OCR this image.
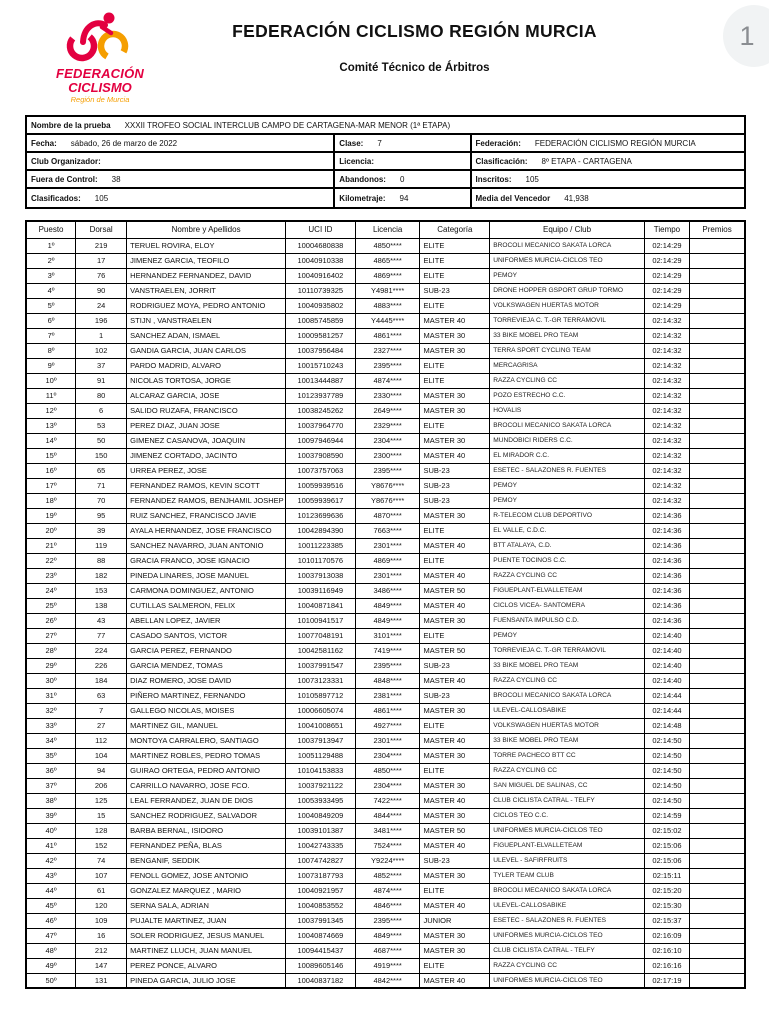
1
FEDERACIÓN
CICLISMO
Región de Murcia
FEDERACIÓN CICLISMO REGIÓN MURCIA
Comité Técnico de Árbitros
Nombre de la prueba XXXII TROFEO SOCIAL INTERCLUB CAMPO DE CARTAGENA-MAR MENOR (1ª ETAPA)
Fecha: sábado, 26 de marzo de 2022	Clase: 7	Federación: FEDERACIÓN CICLISMO REGIÓN MURCIA
Club Organizador:	Licencia:	Clasificación: 8º ETAPA - CARTAGENA
Fuera de Control: 38	Abandonos: 0	Inscritos: 105
Clasificados: 105	Kilometraje: 94	Media del Vencedor 41,938
Puesto	Dorsal	Nombre y Apellidos	UCI ID	Licencia	Categoría	Equipo / Club	Tiempo	Premios
1º	219	TERUEL ROVIRA, ELOY	10004680838	4850****	ELITE	BROCOLI MECANICO SAKATA LORCA	02:14:29	
2º	17	JIMENEZ GARCIA, TEOFILO	10040910338	4865****	ELITE	UNIFORMES MURCIA-CICLOS TEO	02:14:29	
3º	76	HERNANDEZ FERNANDEZ, DAVID	10040916402	4869****	ELITE	PEMOY	02:14:29	
4º	90	VANSTRAELEN, JORRIT	10110739325	Y4981****	SUB-23	DRONE HOPPER GSPORT GRUP TORMO	02:14:29	
5º	24	RODRIGUEZ MOYA, PEDRO ANTONIO	10040935802	4883****	ELITE	VOLKSWAGEN HUERTAS MOTOR	02:14:29	
6º	196	STIJN , VANSTRAELEN	10085745859	Y4445****	MASTER 40	TORREVIEJA C. T.-GR TERRAMOVIL	02:14:32	
7º	1	SANCHEZ ADAN, ISMAEL	10009581257	4861****	MASTER 30	33 BIKE MOBEL PRO TEAM	02:14:32	
8º	102	GANDIA GARCIA, JUAN CARLOS	10037956484	2327****	MASTER 30	TERRA SPORT CYCLING TEAM	02:14:32	
9º	37	PARDO MADRID, ALVARO	10015710243	2395****	ELITE	MERCAGRISA	02:14:32	
10º	91	NICOLAS TORTOSA, JORGE	10013444887	4874****	ELITE	RAZZA CYCLING CC	02:14:32	
11º	80	ALCARAZ GARCIA, JOSE	10123937789	2330****	MASTER 30	POZO ESTRECHO C.C.	02:14:32	
12º	6	SALIDO RUZAFA, FRANCISCO	10038245262	2649****	MASTER 30	HOVALIS	02:14:32	
13º	53	PEREZ DIAZ, JUAN JOSE	10037964770	2329****	ELITE	BROCOLI MECANICO SAKATA LORCA	02:14:32	
14º	50	GIMENEZ CASANOVA, JOAQUIN	10097946944	2304****	MASTER 30	MUNDOBICI RIDERS C.C.	02:14:32	
15º	150	JIMENEZ CORTADO, JACINTO	10037908590	2300****	MASTER 40	EL MIRADOR C.C.	02:14:32	
16º	65	URREA PEREZ, JOSE	10073757063	2395****	SUB-23	ESETEC - SALAZONES R. FUENTES	02:14:32	
17º	71	FERNANDEZ RAMOS, KEVIN SCOTT	10059939516	Y8676****	SUB-23	PEMOY	02:14:32	
18º	70	FERNANDEZ RAMOS, BENJHAMIL JOSHEP	10059939617	Y8676****	SUB-23	PEMOY	02:14:32	
19º	95	RUIZ SANCHEZ, FRANCISCO JAVIE	10123699636	4870****	MASTER 30	R-TELECOM CLUB DEPORTIVO	02:14:36	
20º	39	AYALA HERNANDEZ, JOSE FRANCISCO	10042894390	7663****	ELITE	EL VALLE, C.D.C.	02:14:36	
21º	119	SANCHEZ NAVARRO, JUAN ANTONIO	10011223385	2301****	MASTER 40	BTT ATALAYA, C.D.	02:14:36	
22º	88	GRACIA FRANCO, JOSE IGNACIO	10101170576	4869****	ELITE	PUENTE TOCINOS C.C.	02:14:36	
23º	182	PINEDA LINARES, JOSE MANUEL	10037913038	2301****	MASTER 40	RAZZA CYCLING CC	02:14:36	
24º	153	CARMONA DOMINGUEZ, ANTONIO	10039116949	3486****	MASTER 50	FIGUEPLANT-ELVALLETEAM	02:14:36	
25º	138	CUTILLAS SALMERON, FELIX	10040871841	4849****	MASTER 40	CICLOS VICEA- SANTOMERA	02:14:36	
26º	43	ABELLAN LOPEZ, JAVIER	10100941517	4849****	MASTER 30	FUENSANTA IMPULSO C.D.	02:14:36	
27º	77	CASADO SANTOS, VICTOR	10077048191	3101****	ELITE	PEMOY	02:14:40	
28º	224	GARCIA PEREZ, FERNANDO	10042581162	7419****	MASTER 50	TORREVIEJA C. T.-GR TERRAMOVIL	02:14:40	
29º	226	GARCIA MENDEZ, TOMAS	10037991547	2395****	SUB-23	33 BIKE MOBEL PRO TEAM	02:14:40	
30º	184	DIAZ ROMERO, JOSE DAVID	10073123331	4848****	MASTER 40	RAZZA CYCLING CC	02:14:40	
31º	63	PIÑERO MARTINEZ, FERNANDO	10105897712	2381****	SUB-23	BROCOLI MECANICO SAKATA LORCA	02:14:44	
32º	7	GALLEGO NICOLAS, MOISES	10006605074	4861****	MASTER 30	ULEVEL-CALLOSABIKE	02:14:44	
33º	27	MARTINEZ GIL, MANUEL	10041008651	4927****	ELITE	VOLKSWAGEN HUERTAS MOTOR	02:14:48	
34º	112	MONTOYA CARRALERO, SANTIAGO	10037913947	2301****	MASTER 40	33 BIKE MOBEL PRO TEAM	02:14:50	
35º	104	MARTINEZ ROBLES, PEDRO TOMAS	10051129488	2304****	MASTER 30	TORRE PACHECO BTT CC	02:14:50	
36º	94	GUIRAO ORTEGA, PEDRO ANTONIO	10104153833	4850****	ELITE	RAZZA CYCLING CC	02:14:50	
37º	206	CARRILLO NAVARRO, JOSE FCO.	10037921122	2304****	MASTER 30	SAN MIGUEL DE SALINAS, CC	02:14:50	
38º	125	LEAL FERRANDEZ, JUAN DE DIOS	10053933495	7422****	MASTER 40	CLUB CICLISTA CATRAL - TELFY	02:14:50	
39º	15	SANCHEZ RODRIGUEZ, SALVADOR	10040849209	4844****	MASTER 30	CICLOS TEO C.C.	02:14:59	
40º	128	BARBA BERNAL, ISIDORO	10039101387	3481****	MASTER 50	UNIFORMES MURCIA-CICLOS TEO	02:15:02	
41º	152	FERNANDEZ PEÑA, BLAS	10042743335	7524****	MASTER 40	FIGUEPLANT-ELVALLETEAM	02:15:06	
42º	74	BENGANIF, SEDDIK	10074742827	Y9224****	SUB-23	ULEVEL - SAFIRFRUITS	02:15:06	
43º	107	FENOLL GOMEZ, JOSE ANTONIO	10073187793	4852****	MASTER 30	TYLER TEAM CLUB	02:15:11	
44º	61	GONZALEZ MARQUEZ , MARIO	10040921957	4874****	ELITE	BROCOLI MECANICO SAKATA LORCA	02:15:20	
45º	120	SERNA SALA, ADRIAN	10040853552	4846****	MASTER 40	ULEVEL-CALLOSABIKE	02:15:30	
46º	109	PUJALTE MARTINEZ, JUAN	10037991345	2395****	JUNIOR	ESETEC - SALAZONES R. FUENTES	02:15:37	
47º	16	SOLER RODRIGUEZ, JESUS MANUEL	10040874669	4849****	MASTER 30	UNIFORMES MURCIA-CICLOS TEO	02:16:09	
48º	212	MARTINEZ LLUCH, JUAN MANUEL	10094415437	4687****	MASTER 30	CLUB CICLISTA CATRAL - TELFY	02:16:10	
49º	147	PEREZ PONCE, ALVARO	10089605146	4919****	ELITE	RAZZA CYCLING CC	02:16:16	
50º	131	PINEDA GARCIA, JULIO JOSE	10040837182	4842****	MASTER 40	UNIFORMES MURCIA-CICLOS TEO	02:17:19	
